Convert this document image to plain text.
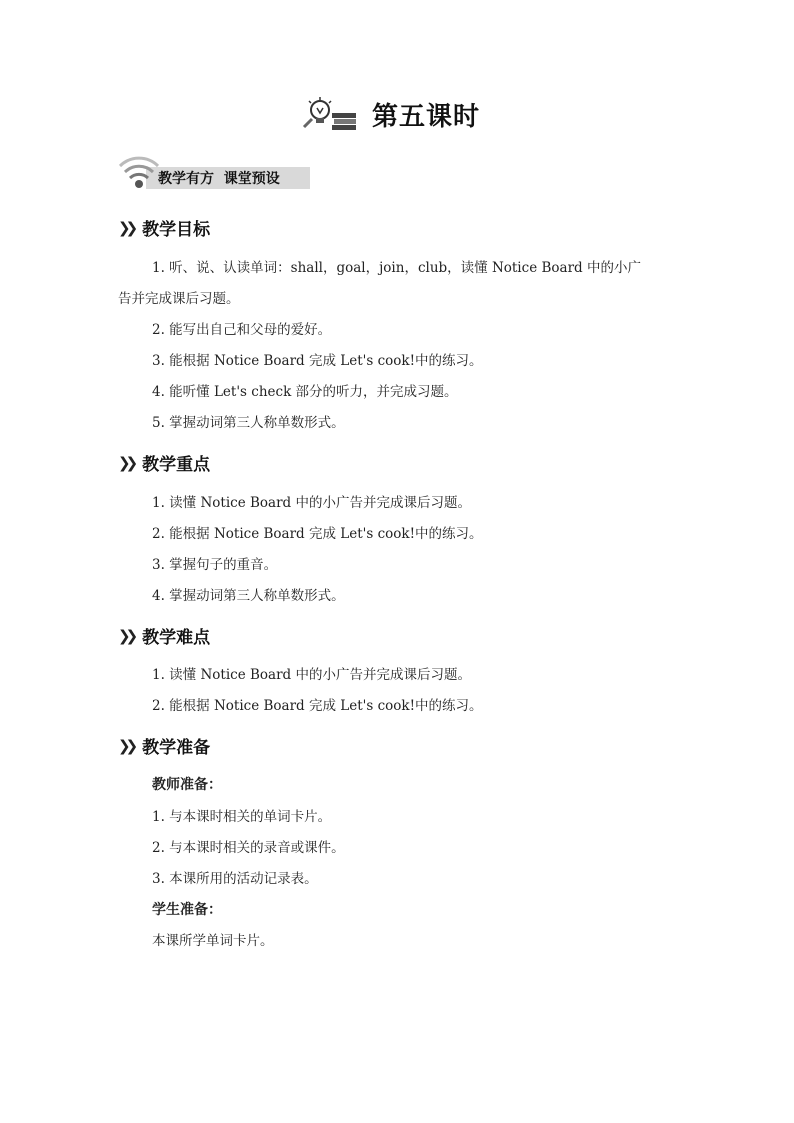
第五课时
教学有方  课堂预设
❯❯ 教学目标
1. 听、说、认读单词：shall，goal，join，club，读懂 Notice Board 中的小广
告并完成课后习题。
2. 能写出自己和父母的爱好。
3. 能根据 Notice Board 完成 Let's cook!中的练习。
4. 能听懂 Let's check 部分的听力，并完成习题。
5. 掌握动词第三人称单数形式。
❯❯ 教学重点
1. 读懂 Notice Board 中的小广告并完成课后习题。
2. 能根据 Notice Board 完成 Let's cook!中的练习。
3. 掌握句子的重音。
4. 掌握动词第三人称单数形式。
❯❯ 教学难点
1. 读懂 Notice Board 中的小广告并完成课后习题。
2. 能根据 Notice Board 完成 Let's cook!中的练习。
❯❯ 教学准备
教师准备：
1. 与本课时相关的单词卡片。
2. 与本课时相关的录音或课件。
3. 本课所用的活动记录表。
学生准备：
本课所学单词卡片。
